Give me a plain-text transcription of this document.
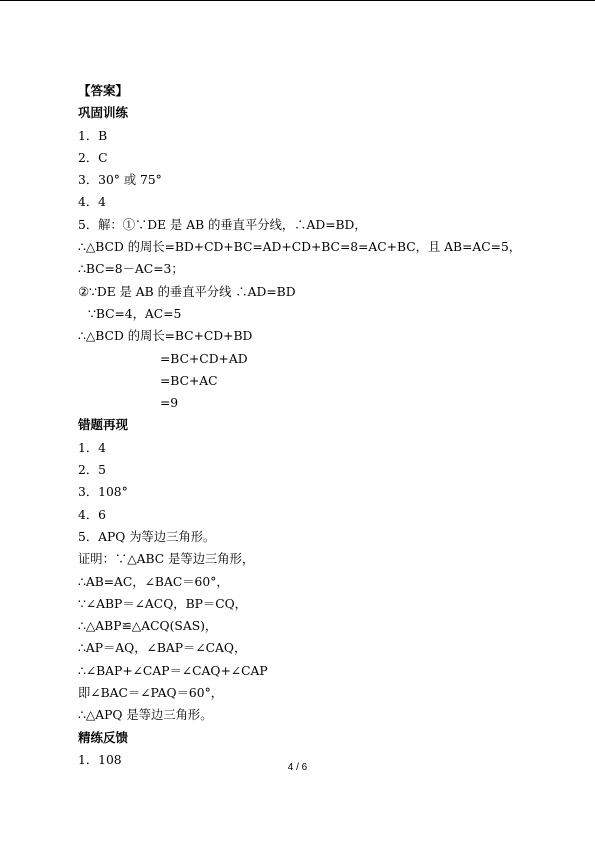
【答案】
巩固训练
1．B
2．C
3．30° 或 75°
4．4
5．解：①∵DE 是 AB 的垂直平分线，∴AD=BD，
∴△BCD 的周长=BD+CD+BC=AD+CD+BC=8=AC+BC，且 AB=AC=5，
∴BC=8－AC=3；
②∵DE 是 AB 的垂直平分线 ∴AD=BD
∵BC=4，AC=5
∴△BCD 的周长=BC+CD+BD
=BC+CD+AD
=BC+AC
=9
错题再现
1．4
2．5
3．108°
4．6
5．APQ 为等边三角形。
证明：∵△ABC 是等边三角形，
∴AB=AC，∠BAC＝60°，
∵∠ABP＝∠ACQ，BP＝CQ，
∴△ABP≌△ACQ(SAS)，
∴AP＝AQ，∠BAP＝∠CAQ，
∴∠BAP+∠CAP＝∠CAQ+∠CAP
即∠BAC＝∠PAQ＝60°，
∴△APQ 是等边三角形。
精练反馈
1．108
4 / 6
